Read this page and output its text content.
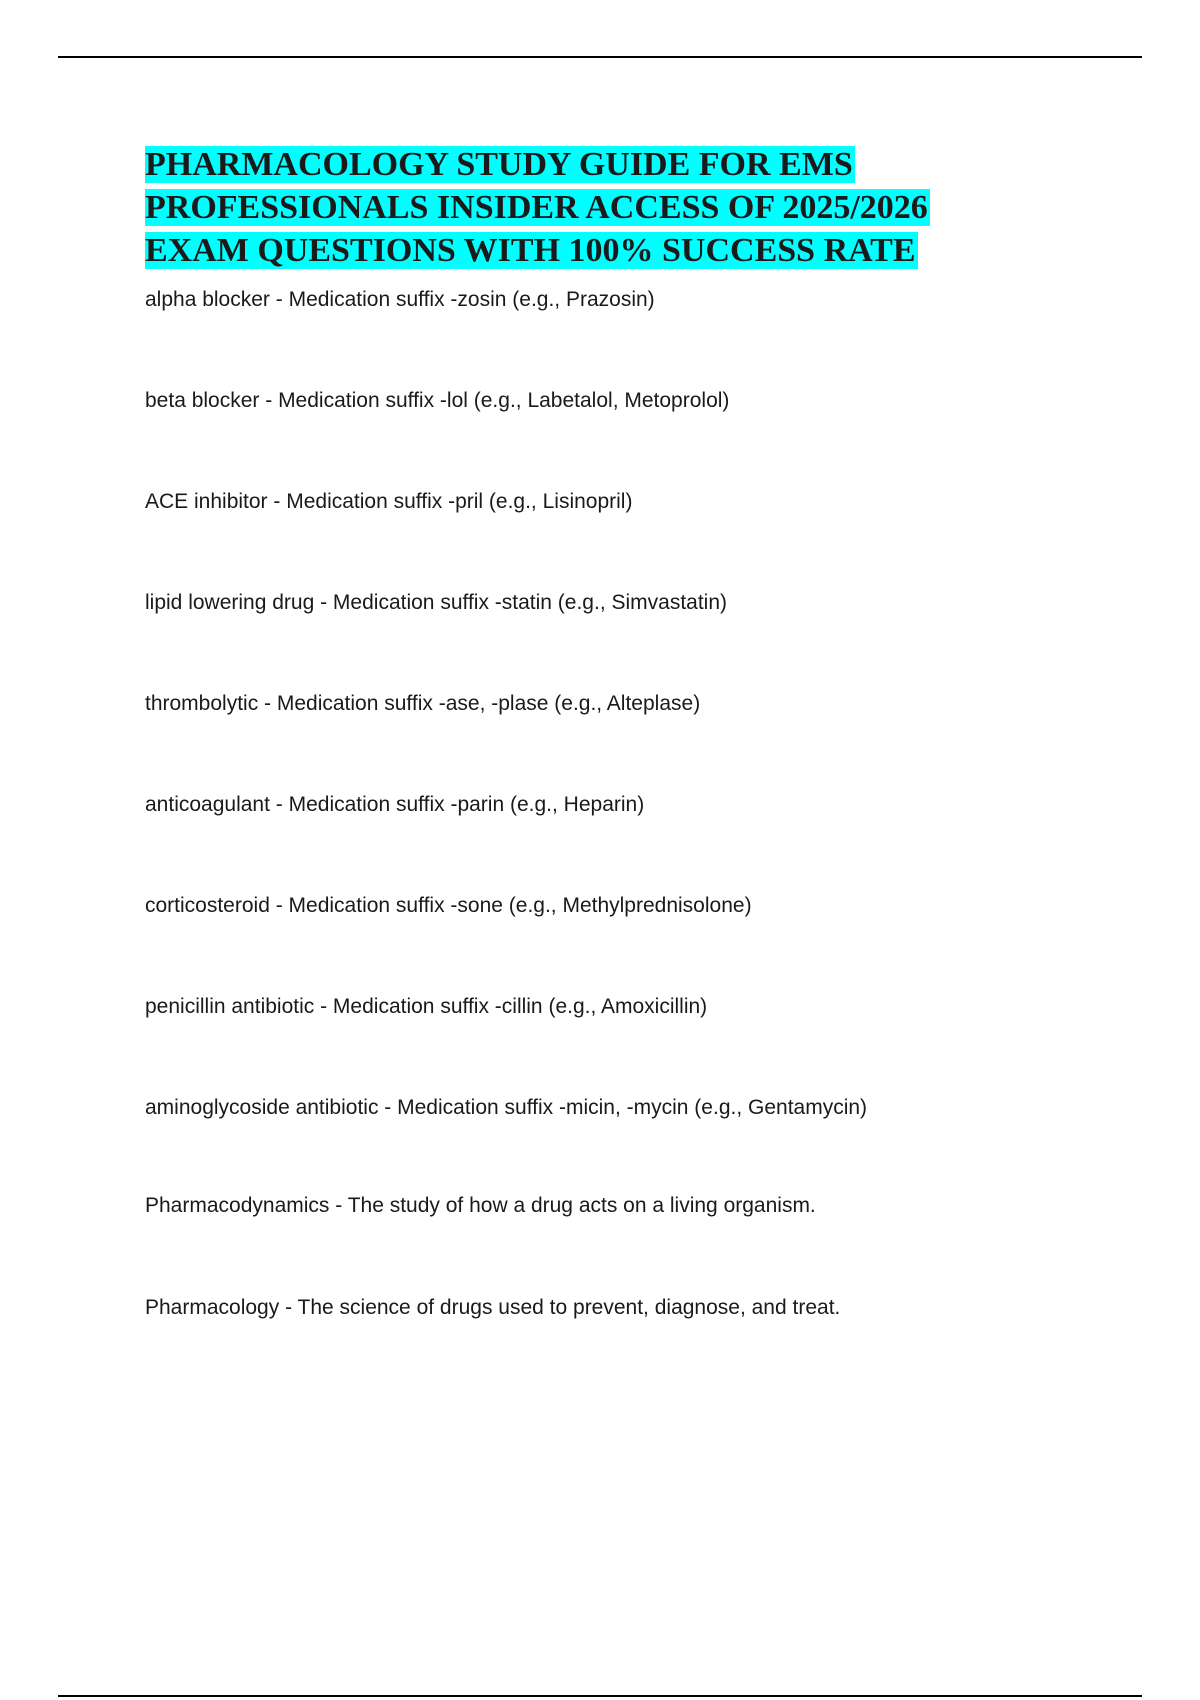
PHARMACOLOGY STUDY GUIDE FOR EMS
PROFESSIONALS INSIDER ACCESS OF 2025/2026
EXAM QUESTIONS WITH 100% SUCCESS RATE
alpha blocker - Medication suffix -zosin (e.g., Prazosin)
beta blocker - Medication suffix -lol (e.g., Labetalol, Metoprolol)
ACE inhibitor - Medication suffix -pril (e.g., Lisinopril)
lipid lowering drug - Medication suffix -statin (e.g., Simvastatin)
thrombolytic - Medication suffix -ase, -plase (e.g., Alteplase)
anticoagulant - Medication suffix -parin (e.g., Heparin)
corticosteroid - Medication suffix -sone (e.g., Methylprednisolone)
penicillin antibiotic - Medication suffix -cillin (e.g., Amoxicillin)
aminoglycoside antibiotic - Medication suffix -micin, -mycin (e.g., Gentamycin)
Pharmacodynamics - The study of how a drug acts on a living organism.
Pharmacology - The science of drugs used to prevent, diagnose, and treat.
